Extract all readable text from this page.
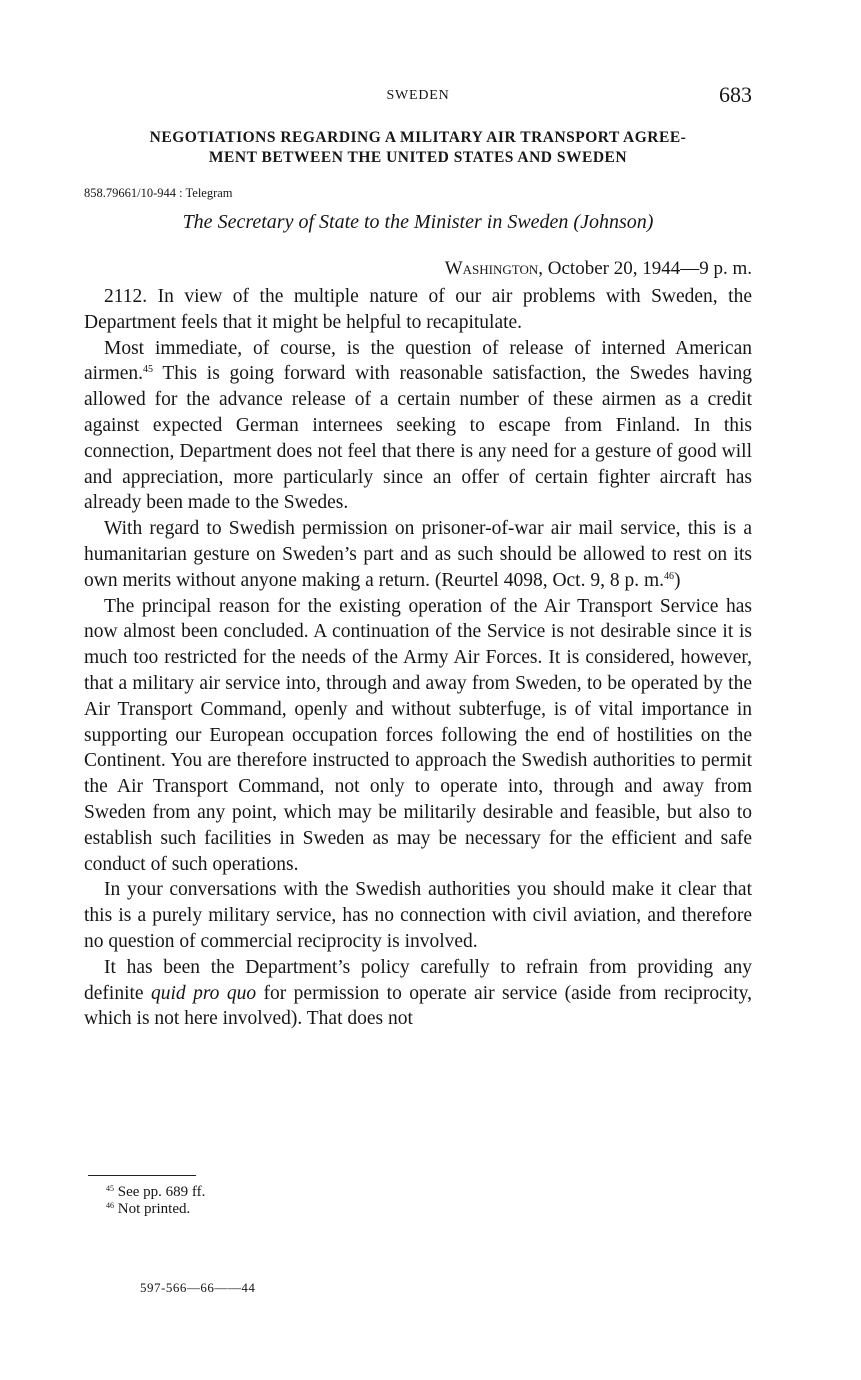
SWEDEN	683
NEGOTIATIONS REGARDING A MILITARY AIR TRANSPORT AGREE-
MENT BETWEEN THE UNITED STATES AND SWEDEN
858.79661/10-944 : Telegram
The Secretary of State to the Minister in Sweden (Johnson)
Washington, October 20, 1944—9 p. m.

2112. In view of the multiple nature of our air problems with Sweden, the Department feels that it might be helpful to recapitulate.

Most immediate, of course, is the question of release of interned American airmen.$^{45}$ This is going forward with reasonable satisfaction, the Swedes having allowed for the advance release of a certain number of these airmen as a credit against expected German internees seeking to escape from Finland. In this connection, Department does not feel that there is any need for a gesture of good will and appreciation, more particularly since an offer of certain fighter aircraft has already been made to the Swedes.

With regard to Swedish permission on prisoner-of-war air mail service, this is a humanitarian gesture on Sweden’s part and as such should be allowed to rest on its own merits without anyone making a return. (Reurtel 4098, Oct. 9, 8 p. m.$^{46}$)

The principal reason for the existing operation of the Air Transport Service has now almost been concluded. A continuation of the Service is not desirable since it is much too restricted for the needs of the Army Air Forces. It is considered, however, that a military air service into, through and away from Sweden, to be operated by the Air Transport Command, openly and without subterfuge, is of vital importance in supporting our European occupation forces following the end of hostilities on the Continent. You are therefore instructed to approach the Swedish authorities to permit the Air Transport Command, not only to operate into, through and away from Sweden from any point, which may be militarily desirable and feasible, but also to establish such facilities in Sweden as may be necessary for the efficient and safe conduct of such operations.

In your conversations with the Swedish authorities you should make it clear that this is a purely military service, has no connection with civil aviation, and therefore no question of commercial reciprocity is involved.

It has been the Department’s policy carefully to refrain from providing any definite quid pro quo for permission to operate air service (aside from reciprocity, which is not here involved). That does not

$^{45}$ See pp. 689 ff.
$^{46}$ Not printed.
597-566—66——44
